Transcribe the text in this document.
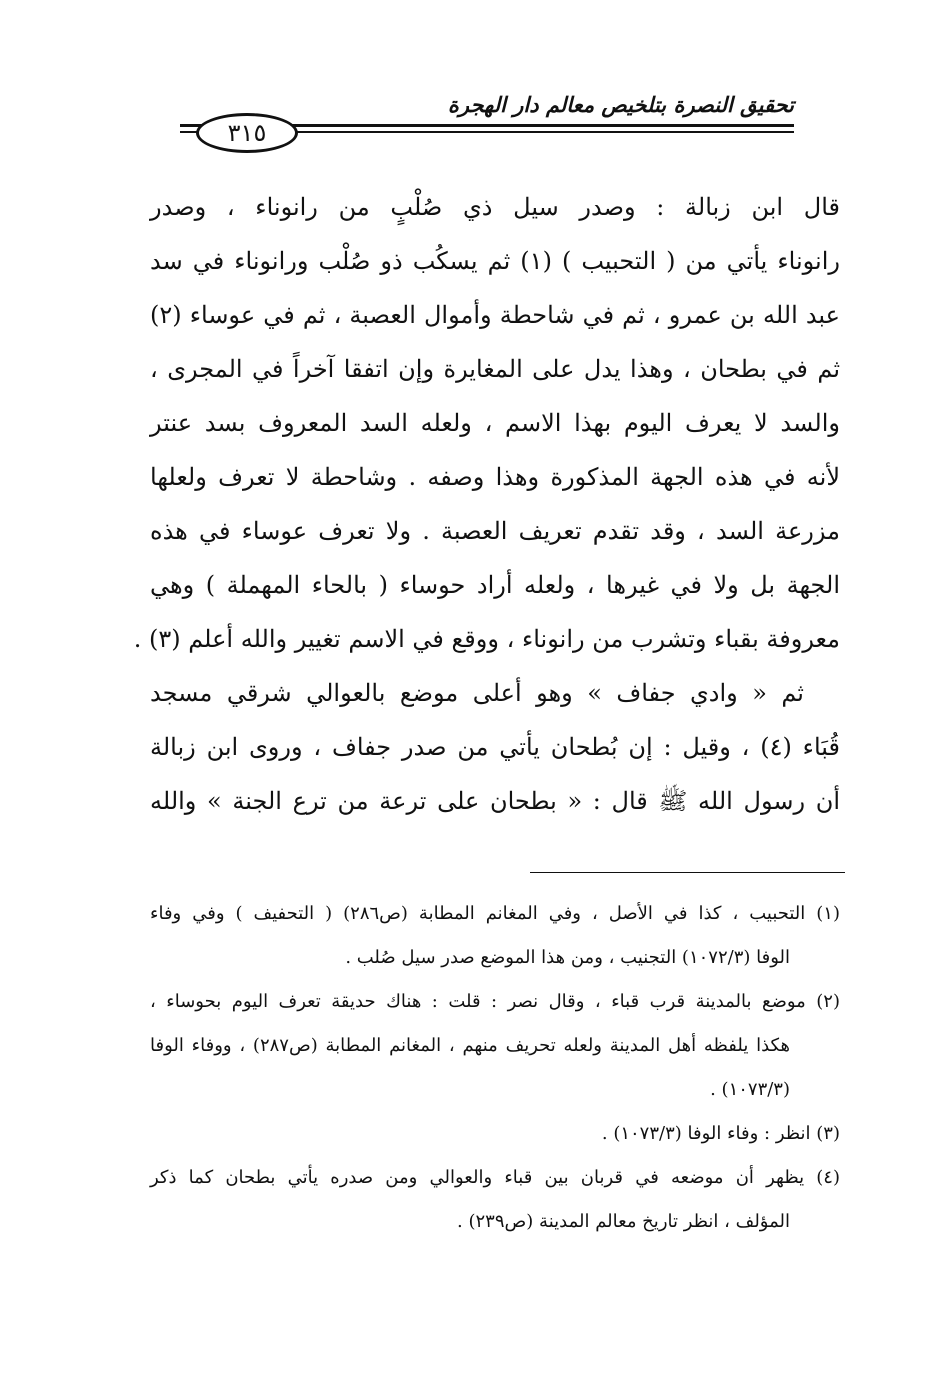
تحقيق النصرة بتلخيص معالم دار الهجرة
٣١٥
قال ابن زبالة : وصدر سيل ذي صُلْبٍ من رانوناء ، وصدر
رانوناء يأتي من ( التحبيب ) (١) ثم يسكُب ذو صُلْب ورانوناء في سد
عبد الله بن عمرو ، ثم في شاحطة وأموال العصبة ، ثم في عوساء (٢)
ثم في بطحان ، وهذا يدل على المغايرة وإن اتفقا آخراً في المجرى ،
والسد لا يعرف اليوم بهذا الاسم ، ولعله السد المعروف بسد عنتر
لأنه في هذه الجهة المذكورة وهذا وصفه . وشاحطة لا تعرف ولعلها
مزرعة السد ، وقد تقدم تعريف العصبة . ولا تعرف عوساء في هذه
الجهة بل ولا في غيرها ، ولعله أراد حوساء ( بالحاء المهملة ) وهي
معروفة بقباء وتشرب من رانوناء ، ووقع في الاسم تغيير والله أعلم (٣) .
ثم « وادي جفاف » وهو أعلى موضع بالعوالي شرقي مسجد
قُبَاء (٤) ، وقيل : إن بُطحان يأتي من صدر جفاف ، وروى ابن زبالة
أن رسول الله ﷺ قال : « بطحان على ترعة من ترع الجنة » والله
(١) التحبيب ، كذا في الأصل ، وفي المغانم المطابة (ص٢٨٦) ( التحفيف ) وفي وفاء
الوفا (١٠٧٢/٣) التجنيب ، ومن هذا الموضع صدر سيل صُلب .
(٢) موضع بالمدينة قرب قباء ، وقال نصر : قلت : هناك حديقة تعرف اليوم بحوساء ،
هكذا يلفظه أهل المدينة ولعله تحريف منهم ، المغانم المطابة (ص٢٨٧) ، ووفاء الوفا
(١٠٧٣/٣) .
(٣) انظر : وفاء الوفا (١٠٧٣/٣) .
(٤) يظهر أن موضعه في قربان بين قباء والعوالي ومن صدره يأتي بطحان كما ذكر
المؤلف ، انظر تاريخ معالم المدينة (ص٢٣٩) .
